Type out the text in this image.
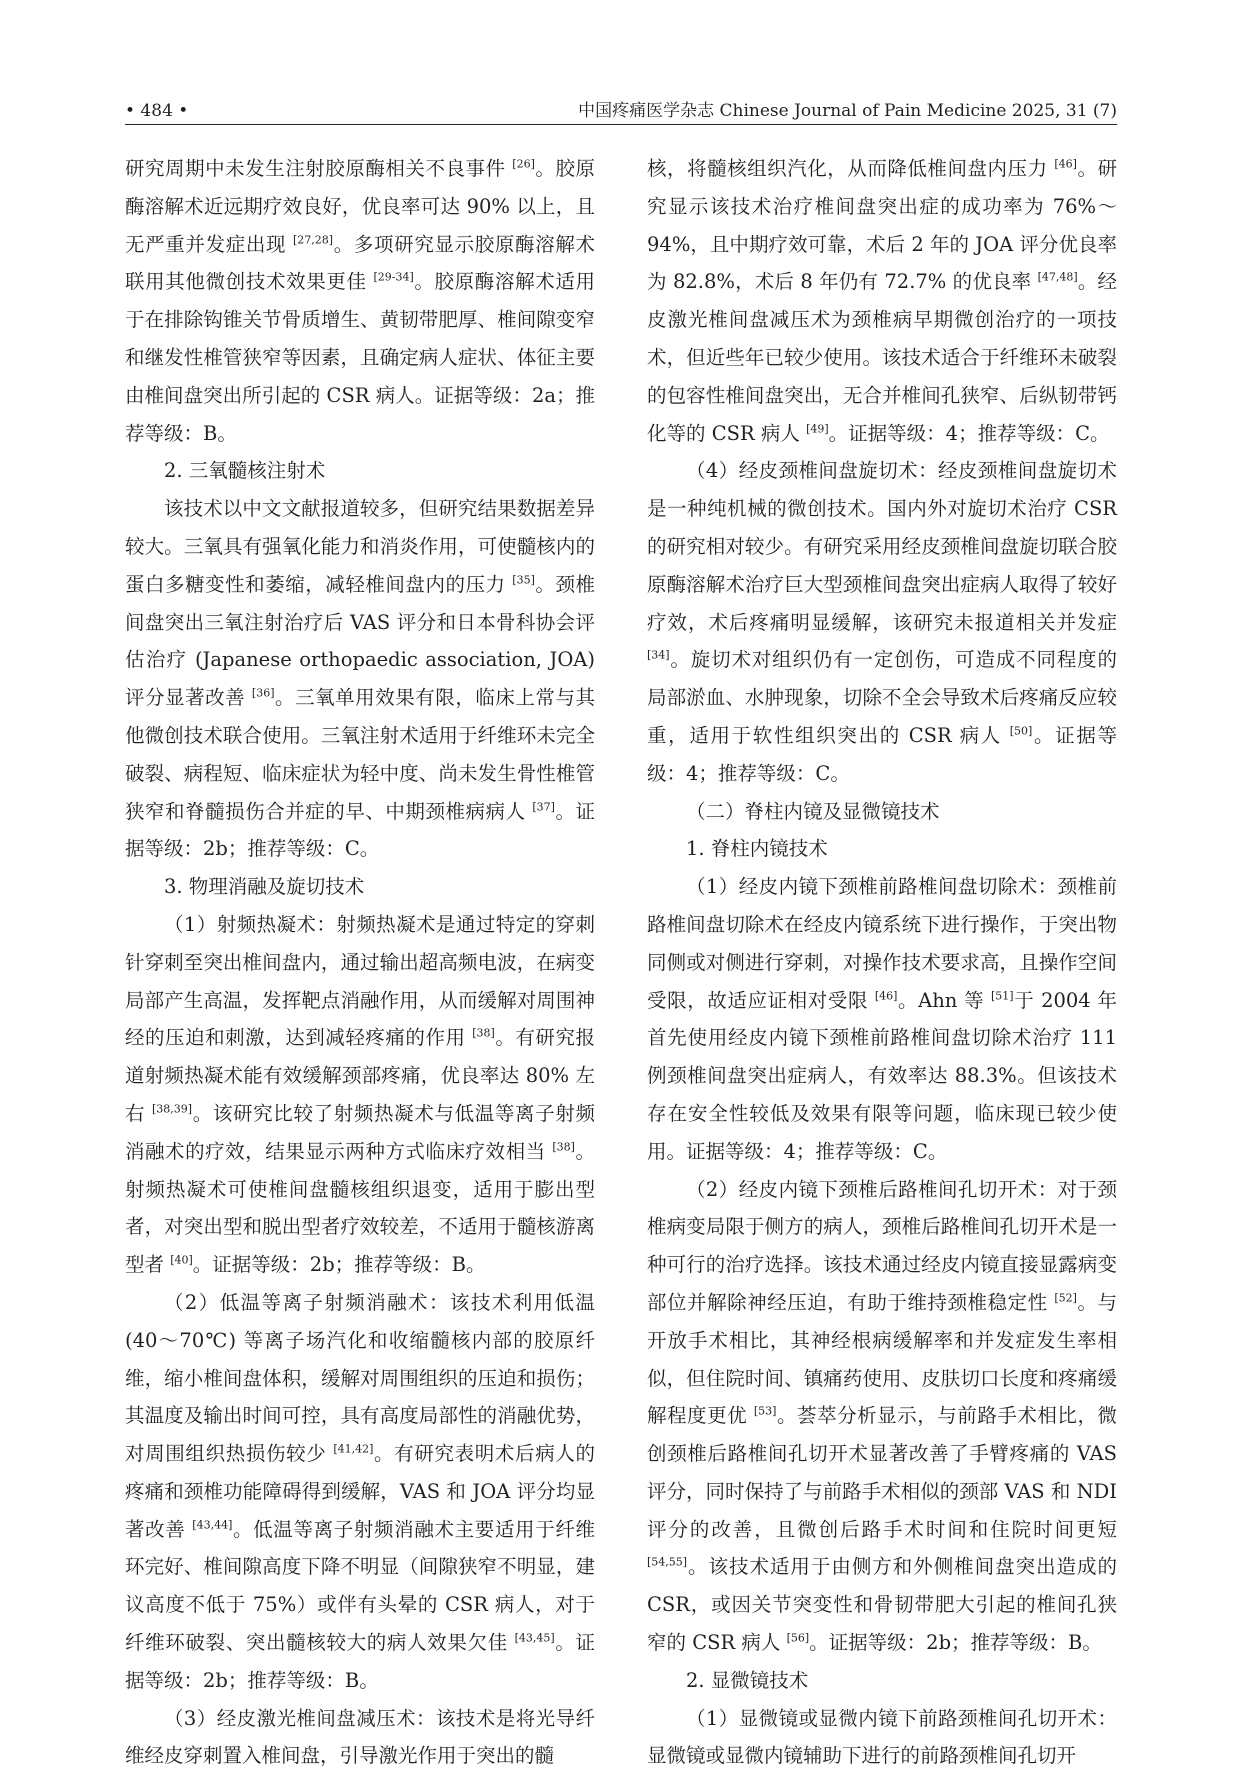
• 484 •	中国疼痛医学杂志 Chinese Journal of Pain Medicine 2025, 31 (7)

研究周期中未发生注射胶原酶相关不良事件 [26]。胶原酶溶解术近远期疗效良好，优良率可达 90% 以上，且无严重并发症出现 [27,28]。多项研究显示胶原酶溶解术联用其他微创技术效果更佳 [29-34]。胶原酶溶解术适用于在排除钩锥关节骨质增生、黄韧带肥厚、椎间隙变窄和继发性椎管狭窄等因素，且确定病人症状、体征主要由椎间盘突出所引起的 CSR 病人。证据等级：2a；推荐等级：B。

2. 三氧髓核注射术

该技术以中文文献报道较多，但研究结果数据差异较大。三氧具有强氧化能力和消炎作用，可使髓核内的蛋白多糖变性和萎缩，减轻椎间盘内的压力 [35]。颈椎间盘突出三氧注射治疗后 VAS 评分和日本骨科协会评估治疗 (Japanese orthopaedic association, JOA) 评分显著改善 [36]。三氧单用效果有限，临床上常与其他微创技术联合使用。三氧注射术适用于纤维环未完全破裂、病程短、临床症状为轻中度、尚未发生骨性椎管狭窄和脊髓损伤合并症的早、中期颈椎病病人 [37]。证据等级：2b；推荐等级：C。

3. 物理消融及旋切技术

（1）射频热凝术：射频热凝术是通过特定的穿刺针穿刺至突出椎间盘内，通过输出超高频电波，在病变局部产生高温，发挥靶点消融作用，从而缓解对周围神经的压迫和刺激，达到减轻疼痛的作用 [38]。有研究报道射频热凝术能有效缓解颈部疼痛，优良率达 80% 左右 [38,39]。该研究比较了射频热凝术与低温等离子射频消融术的疗效，结果显示两种方式临床疗效相当 [38]。射频热凝术可使椎间盘髓核组织退变，适用于膨出型者，对突出型和脱出型者疗效较差，不适用于髓核游离型者 [40]。证据等级：2b；推荐等级：B。

（2）低温等离子射频消融术：该技术利用低温 (40～70℃) 等离子场汽化和收缩髓核内部的胶原纤维，缩小椎间盘体积，缓解对周围组织的压迫和损伤；其温度及输出时间可控，具有高度局部性的消融优势，对周围组织热损伤较少 [41,42]。有研究表明术后病人的疼痛和颈椎功能障碍得到缓解，VAS 和 JOA 评分均显著改善 [43,44]。低温等离子射频消融术主要适用于纤维环完好、椎间隙高度下降不明显（间隙狭窄不明显，建议高度不低于 75%）或伴有头晕的 CSR 病人，对于纤维环破裂、突出髓核较大的病人效果欠佳 [43,45]。证据等级：2b；推荐等级：B。

（3）经皮激光椎间盘减压术：该技术是将光导纤维经皮穿刺置入椎间盘，引导激光作用于突出的髓

核，将髓核组织汽化，从而降低椎间盘内压力 [46]。研究显示该技术治疗椎间盘突出症的成功率为 76%～94%，且中期疗效可靠，术后 2 年的 JOA 评分优良率为 82.8%，术后 8 年仍有 72.7% 的优良率 [47,48]。经皮激光椎间盘减压术为颈椎病早期微创治疗的一项技术，但近些年已较少使用。该技术适合于纤维环未破裂的包容性椎间盘突出，无合并椎间孔狭窄、后纵韧带钙化等的 CSR 病人 [49]。证据等级：4；推荐等级：C。

（4）经皮颈椎间盘旋切术：经皮颈椎间盘旋切术是一种纯机械的微创技术。国内外对旋切术治疗 CSR 的研究相对较少。有研究采用经皮颈椎间盘旋切联合胶原酶溶解术治疗巨大型颈椎间盘突出症病人取得了较好疗效，术后疼痛明显缓解，该研究未报道相关并发症 [34]。旋切术对组织仍有一定创伤，可造成不同程度的局部淤血、水肿现象，切除不全会导致术后疼痛反应较重，适用于软性组织突出的 CSR 病人 [50]。证据等级：4；推荐等级：C。

（二）脊柱内镜及显微镜技术

1. 脊柱内镜技术

（1）经皮内镜下颈椎前路椎间盘切除术：颈椎前路椎间盘切除术在经皮内镜系统下进行操作，于突出物同侧或对侧进行穿刺，对操作技术要求高，且操作空间受限，故适应证相对受限 [46]。Ahn 等 [51]于 2004 年首先使用经皮内镜下颈椎前路椎间盘切除术治疗 111 例颈椎间盘突出症病人，有效率达 88.3%。但该技术存在安全性较低及效果有限等问题，临床现已较少使用。证据等级：4；推荐等级：C。

（2）经皮内镜下颈椎后路椎间孔切开术：对于颈椎病变局限于侧方的病人，颈椎后路椎间孔切开术是一种可行的治疗选择。该技术通过经皮内镜直接显露病变部位并解除神经压迫，有助于维持颈椎稳定性 [52]。与开放手术相比，其神经根病缓解率和并发症发生率相似，但住院时间、镇痛药使用、皮肤切口长度和疼痛缓解程度更优 [53]。荟萃分析显示，与前路手术相比，微创颈椎后路椎间孔切开术显著改善了手臂疼痛的 VAS 评分，同时保持了与前路手术相似的颈部 VAS 和 NDI 评分的改善，且微创后路手术时间和住院时间更短 [54,55]。该技术适用于由侧方和外侧椎间盘突出造成的 CSR，或因关节突变性和骨韧带肥大引起的椎间孔狭窄的 CSR 病人 [56]。证据等级：2b；推荐等级：B。

2. 显微镜技术

（1）显微镜或显微内镜下前路颈椎间孔切开术：显微镜或显微内镜辅助下进行的前路颈椎间孔切开
